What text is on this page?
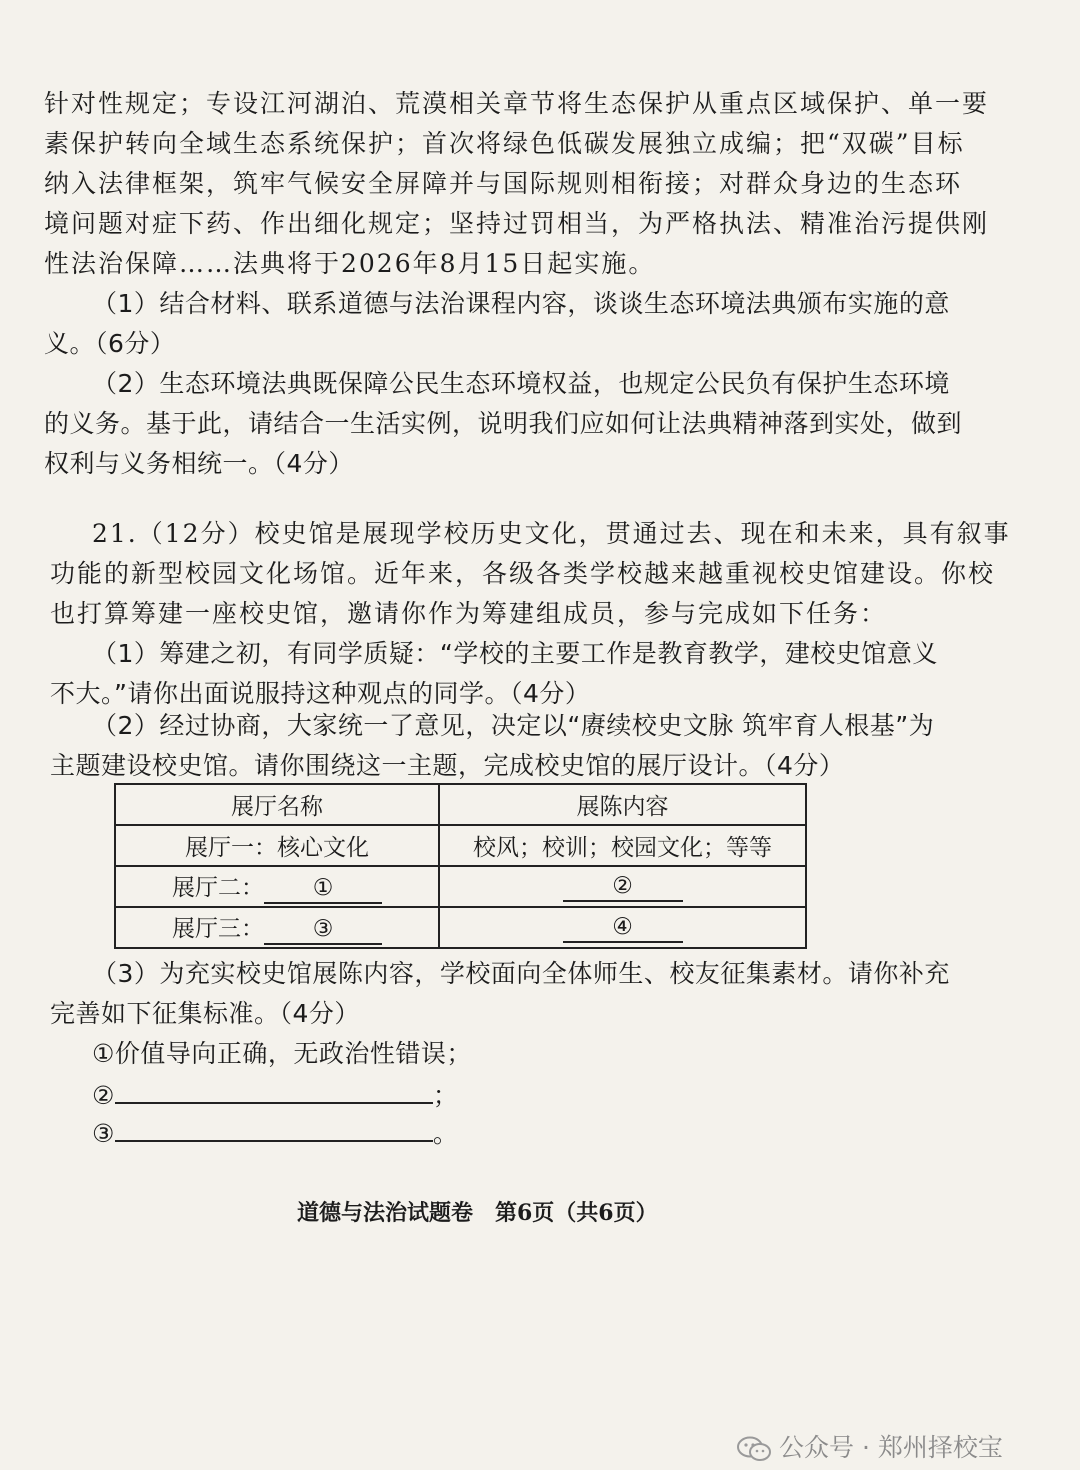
针对性规定；专设江河湖泊、荒漠相关章节将生态保护从重点区域保护、单一要
素保护转向全域生态系统保护；首次将绿色低碳发展独立成编；把“双碳”目标
纳入法律框架，筑牢气候安全屏障并与国际规则相衔接；对群众身边的生态环
境问题对症下药、作出细化规定；坚持过罚相当，为严格执法、精准治污提供刚
性法治保障……法典将于2026年8月15日起实施。
（1）结合材料、联系道德与法治课程内容，谈谈生态环境法典颁布实施的意
义。（6分）
（2）生态环境法典既保障公民生态环境权益，也规定公民负有保护生态环境
的义务。基于此，请结合一生活实例，说明我们应如何让法典精神落到实处，做到
权利与义务相统一。（4分）
21.（12分）校史馆是展现学校历史文化，贯通过去、现在和未来，具有叙事
功能的新型校园文化场馆。近年来，各级各类学校越来越重视校史馆建设。你校
也打算筹建一座校史馆，邀请你作为筹建组成员，参与完成如下任务：
（1）筹建之初，有同学质疑：“学校的主要工作是教育教学，建校史馆意义
不大。”请你出面说服持这种观点的同学。（4分）
（2）经过协商，大家统一了意见，决定以“赓续校史文脉 筑牢育人根基”为
主题建设校史馆。请你围绕这一主题，完成校史馆的展厅设计。（4分）
展厅名称	展陈内容
展厅一：核心文化	校风；校训；校园文化；等等
展厅二： ①	②
展厅三： ③	④
（3）为充实校史馆展陈内容，学校面向全体师生、校友征集素材。请你补充
完善如下征集标准。（4分）
①价值导向正确，无政治性错误；
②	；
③	。
道德与法治试题卷　第6页（共6页）
公众号 · 郑州择校宝
